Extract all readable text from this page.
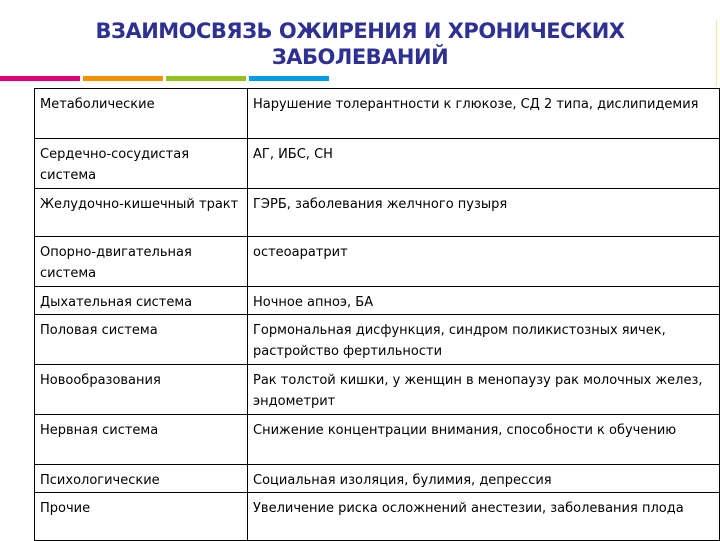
ВЗАИМОСВЯЗЬ ОЖИРЕНИЯ И ХРОНИЧЕСКИХ
ЗАБОЛЕВАНИЙ
Метаболические	Нарушение толерантности к глюкозе, СД 2 типа, дислипидемия
Сердечно-сосудистая система	АГ, ИБС, СН
Желудочно-кишечный тракт	ГЭРБ, заболевания желчного пузыря
Опорно-двигательная система	остеоаратрит
Дыхательная система	Ночное апноэ, БА
Половая система	Гормональная дисфункция, синдром поликистозных яичек, растройство фертильности
Новообразования	Рак толстой кишки, у женщин в менопаузу рак молочных желез, эндометрит
Нервная система	Снижение концентрации внимания, способности к обучению
Психологические	Социальная изоляция, булимия, депрессия
Прочие	Увеличение риска осложнений анестезии, заболевания плода
